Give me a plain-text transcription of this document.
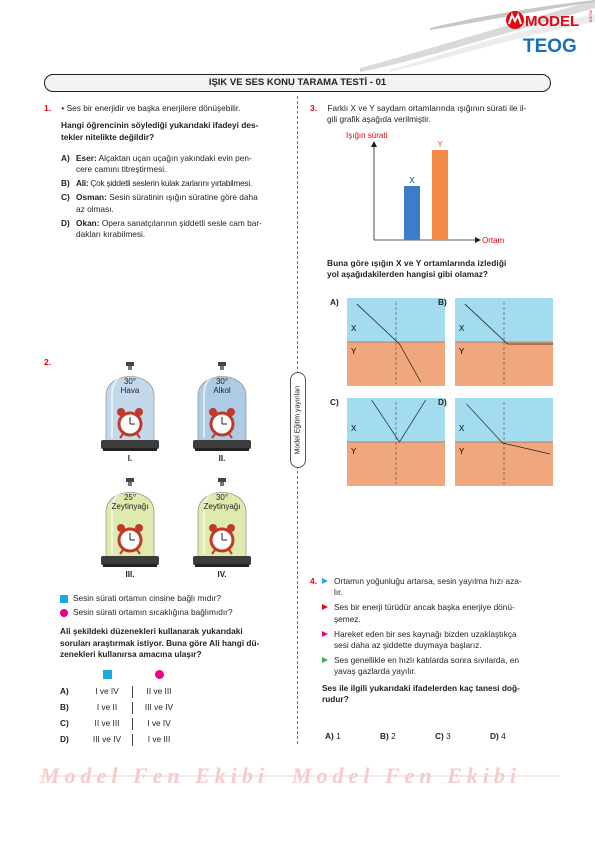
MODEL	EĞİTİM
TEOG
IŞIK VE SES KONU TARAMA TESTİ - 01
Model Eğitim yayınları

1. • Ses bir enerjidir ve başka enerjilere dönüşebilir.

Hangi öğrencinin söylediği yukarıdaki ifadeyi des-

tekler nitelikte değildir?

A) Eser: Alçaktan uçan uçağın yakındaki evin pen-

cere camını titreştirmesi.

B) Ali: Çok şiddetli seslerin kulak zarlarını yırtabilmesi.

C) Osman: Sesin süratinin ışığın süratine göre daha

az olması.

D) Okan: Opera sanatçılarının şiddetli sesle cam bar-

dakları kırabilmesi.

2.
30°
Hava
I.
30°
Alkol
II.
25°
Zeytinyağı
III.
30°
Zeytinyağı
IV.
Sesin sürati ortamın cinsine bağlı mıdır?
Sesin sürati ortamın sıcaklığına bağlımıdır?

Ali şekildeki düzenekleri kullanarak yukarıdaki

soruları araştırmak istiyor. Buna göre Ali hangi dü-

zenekleri kullanırsa amacına ulaşır?

A)	I ve IV	II ve III
B)	I ve II	III ve IV
C)	II ve III	I ve IV
D)	III ve IV	I ve III

3. Farklı X ve Y saydam ortamlarında ışığının sürati ile il-

gili grafik aşağıda verilmiştir.

Işığın sürati
Ortam
X
Y

Buna göre ışığın X ve Y ortamlarında izlediği

yol aşağıdakilerden hangisi gibi olamaz?

A)
X
Y
B)
X
Y
C)
X
Y
D)
X
Y
4.	Ortamın yoğunluğu artarsa, sesin yayılma hızı aza-

lır.

Ses bir enerji türüdür ancak başka enerjiye dönü-

şemez.

Hareket eden bir ses kaynağı bizden uzaklaştıkça

sesi daha az şiddette duymaya başlarız.

Ses genellikle en hızlı katılarda sonra sıvılarda, en

yavaş gazlarda yayılır.

Ses ile ilgili yukarıdaki ifadelerden kaç tanesi doğ-

rudur?

A) 1	B) 2	C) 3	D) 4
Model Fen Ekibi Model Fen Ekibi
